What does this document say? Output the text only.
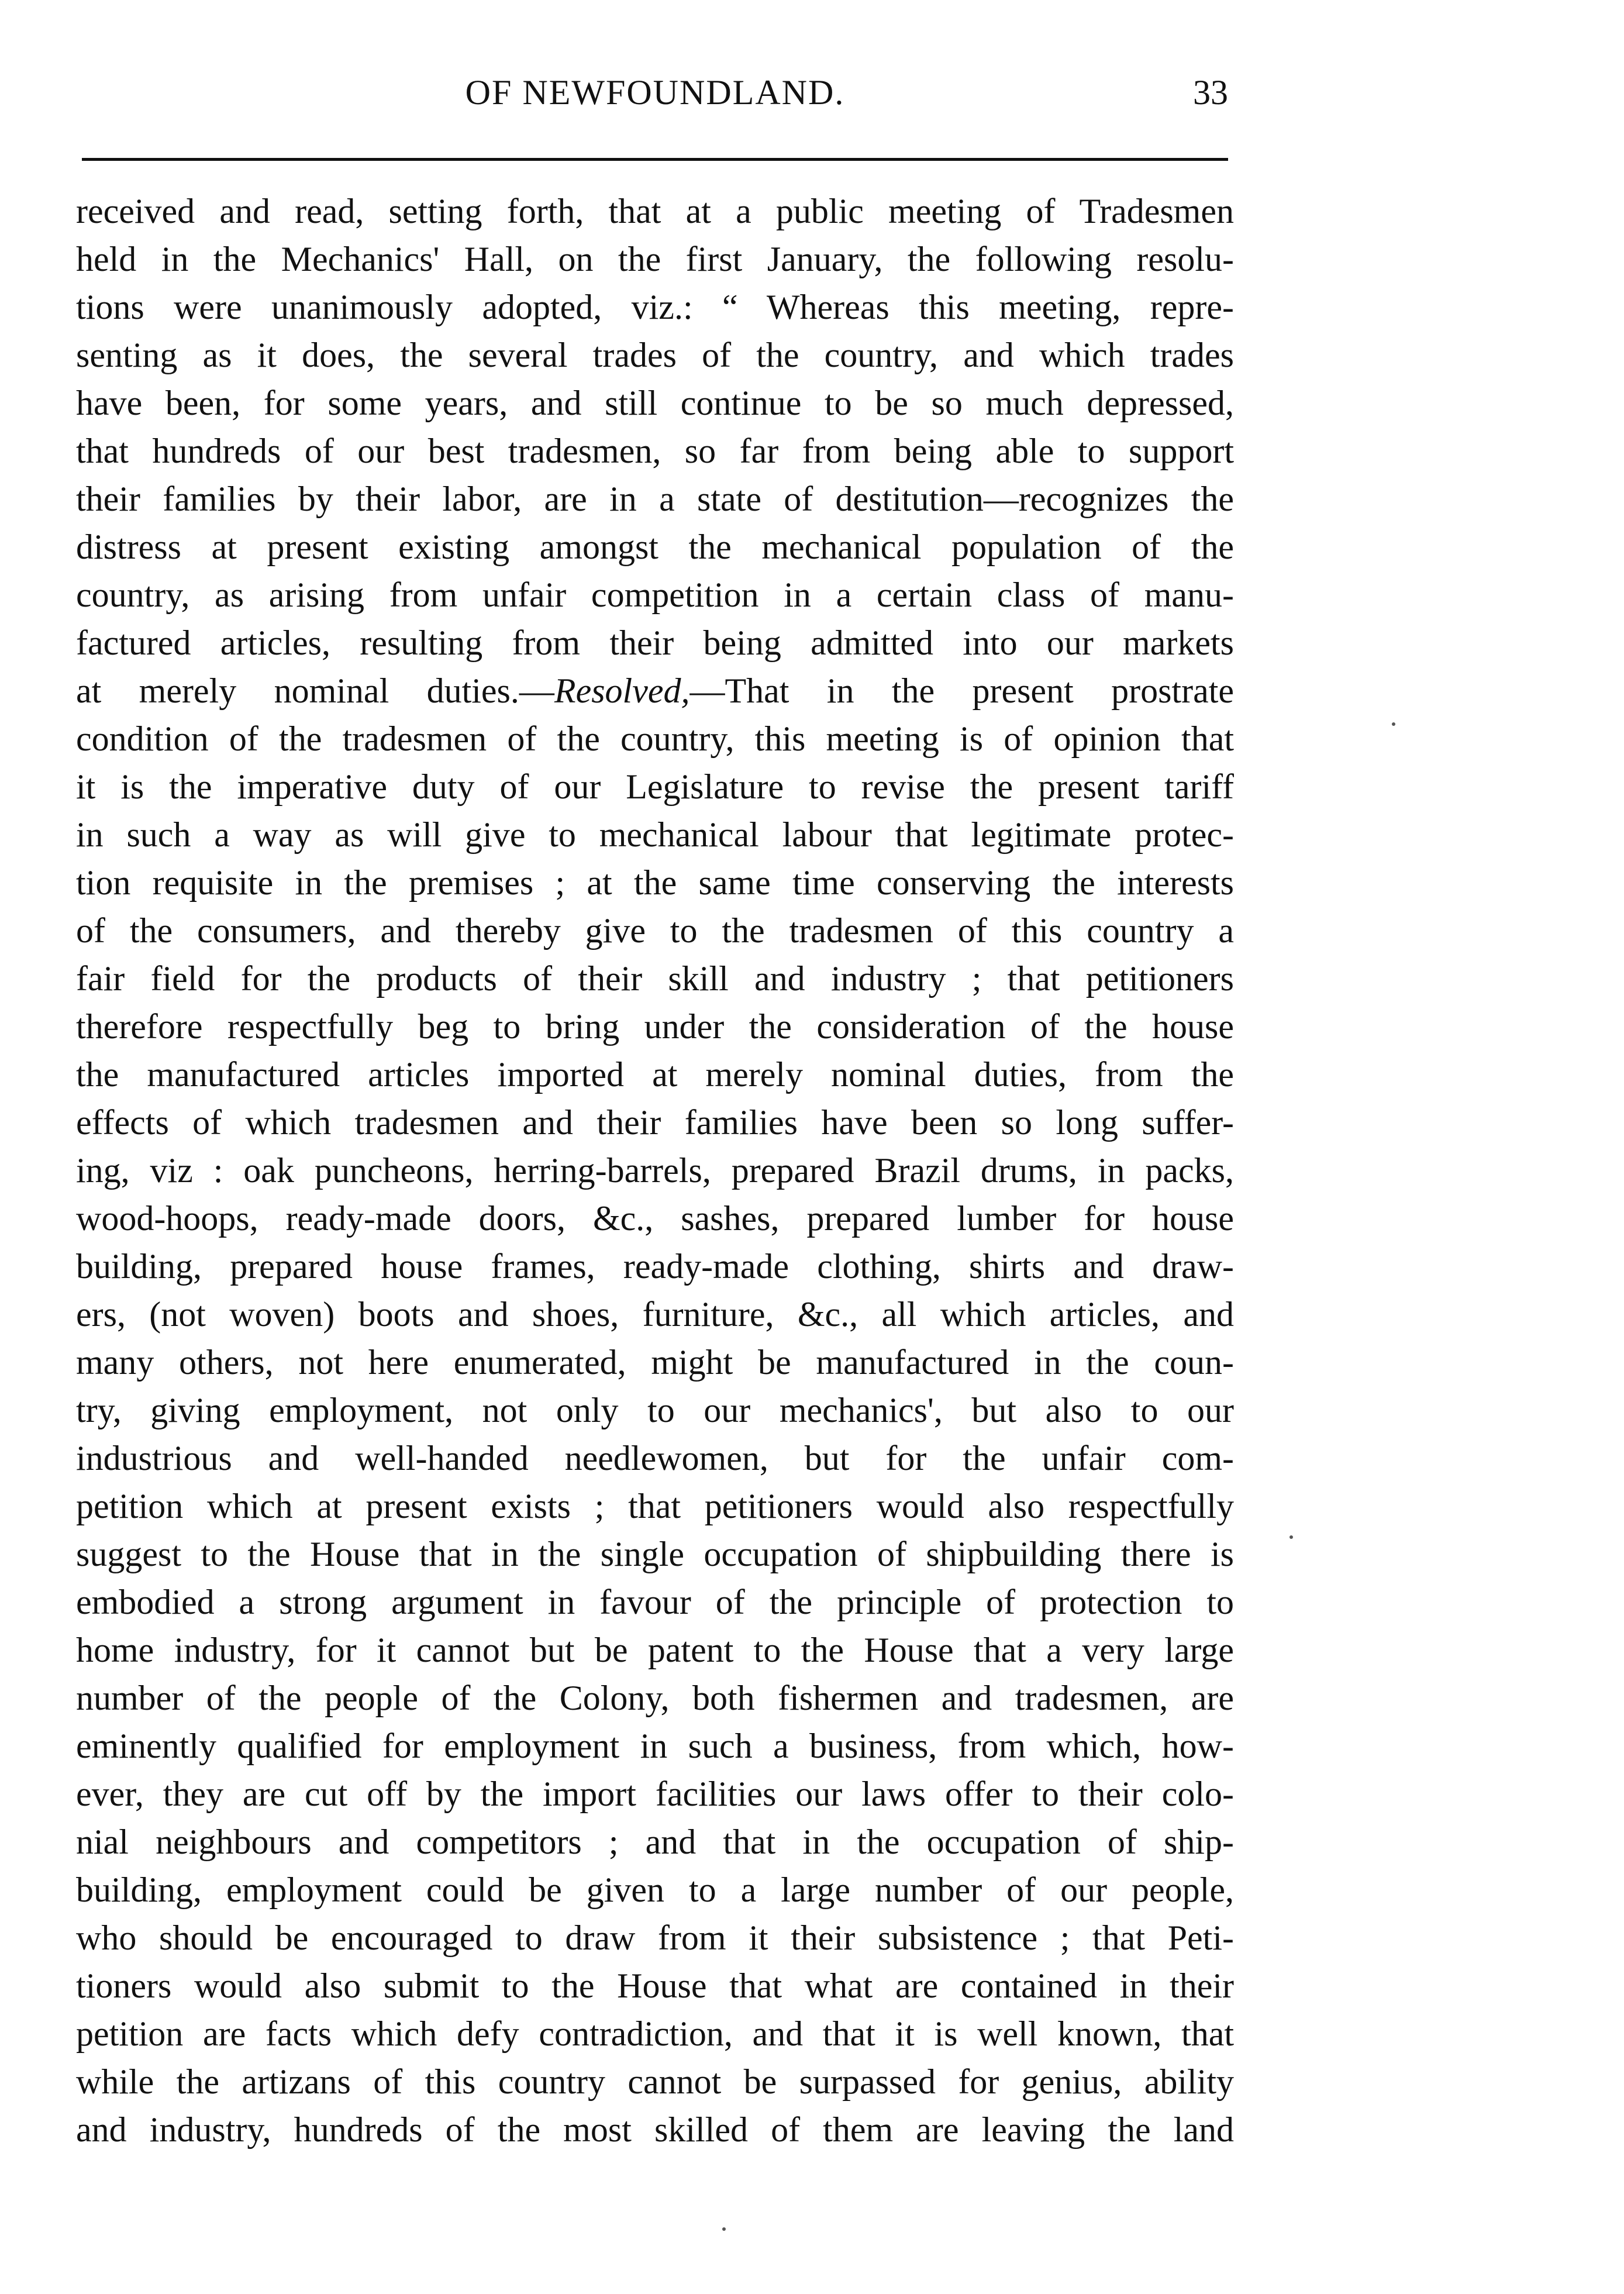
OF NEWFOUNDLAND.	33
received and read, setting forth, that at a public meeting of Tradesmen
held in the Mechanics' Hall, on the first January, the following resolu-
tions were unanimously adopted, viz.: “ Whereas this meeting, repre-
senting as it does, the several trades of the country, and which trades
have been, for some years, and still continue to be so much depressed,
that hundreds of our best tradesmen, so far from being able to support
their families by their labor, are in a state of destitution—recognizes the
distress at present existing amongst the mechanical population of the
country, as arising from unfair competition in a certain class of manu-
factured articles, resulting from their being admitted into our markets
at merely nominal duties.—Resolved,—That in the present prostrate
condition of the tradesmen of the country, this meeting is of opinion that
it is the imperative duty of our Legislature to revise the present tariff
in such a way as will give to mechanical labour that legitimate protec-
tion requisite in the premises ; at the same time conserving the interests
of the consumers, and thereby give to the tradesmen of this country a
fair field for the products of their skill and industry ; that petitioners
therefore respectfully beg to bring under the consideration of the house
the manufactured articles imported at merely nominal duties, from the
effects of which tradesmen and their families have been so long suffer-
ing, viz : oak puncheons, herring-barrels, prepared Brazil drums, in packs,
wood-hoops, ready-made doors, &c., sashes, prepared lumber for house
building, prepared house frames, ready-made clothing, shirts and draw-
ers, (not woven) boots and shoes, furniture, &c., all which articles, and
many others, not here enumerated, might be manufactured in the coun-
try, giving employment, not only to our mechanics', but also to our
industrious and well-handed needlewomen, but for the unfair com-
petition which at present exists ; that petitioners would also respectfully
suggest to the House that in the single occupation of shipbuilding there is
embodied a strong argument in favour of the principle of protection to
home industry, for it cannot but be patent to the House that a very large
number of the people of the Colony, both fishermen and tradesmen, are
eminently qualified for employment in such a business, from which, how-
ever, they are cut off by the import facilities our laws offer to their colo-
nial neighbours and competitors ; and that in the occupation of ship-
building, employment could be given to a large number of our people,
who should be encouraged to draw from it their subsistence ; that Peti-
tioners would also submit to the House that what are contained in their
petition are facts which defy contradiction, and that it is well known, that
while the artizans of this country cannot be surpassed for genius, ability
and industry, hundreds of the most skilled of them are leaving the land
